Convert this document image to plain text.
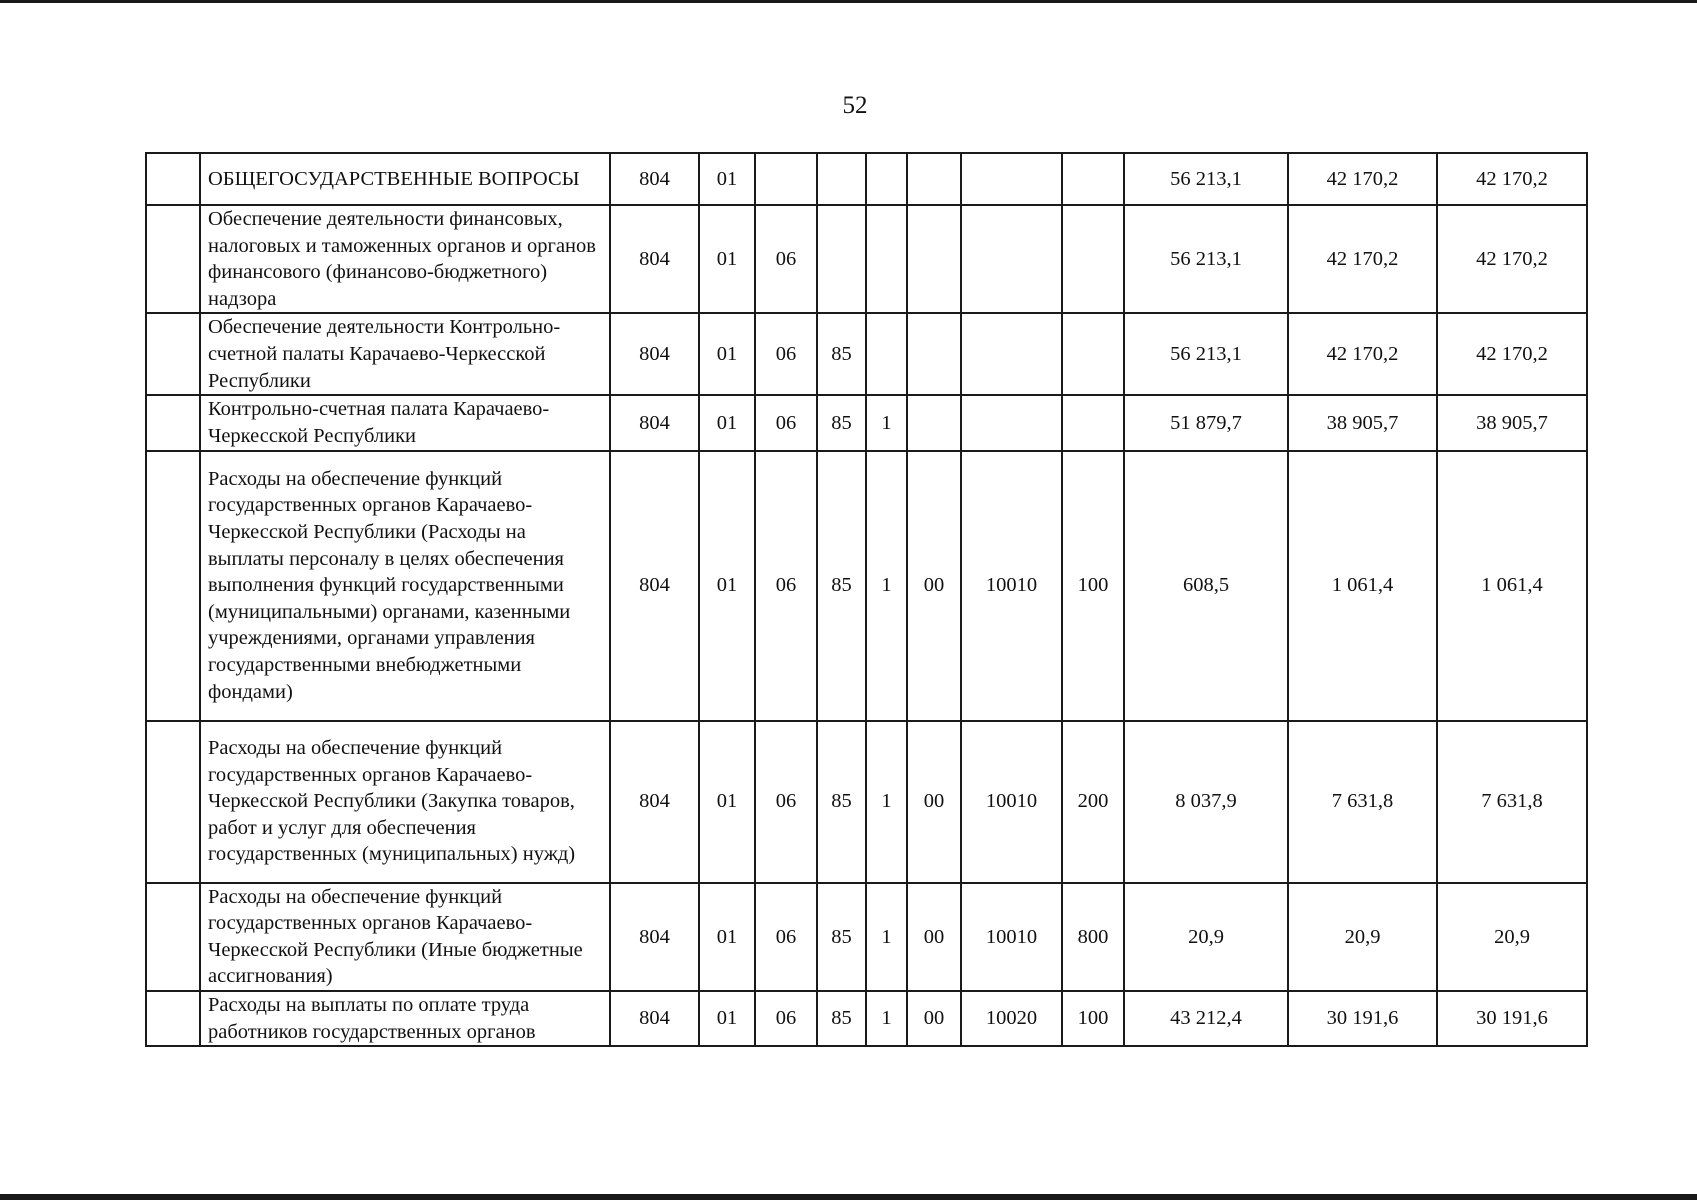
52
	ОБЩЕГОСУДАРСТВЕННЫЕ ВОПРОСЫ	804	01							56 213,1	42 170,2	42 170,2
	Обеспечение деятельности финансовых, налоговых и таможенных органов и органов финансового (финансово-бюджетного) надзора	804	01	06						56 213,1	42 170,2	42 170,2
	Обеспечение деятельности Контрольно-счетной палаты Карачаево-Черкесской Республики	804	01	06	85					56 213,1	42 170,2	42 170,2
	Контрольно-счетная палата Карачаево-Черкесской Республики	804	01	06	85	1				51 879,7	38 905,7	38 905,7
	Расходы на обеспечение функций государственных органов Карачаево-Черкесской Республики (Расходы на выплаты персоналу в целях обеспечения выполнения функций государственными (муниципальными) органами, казенными учреждениями, органами управления государственными внебюджетными фондами)	804	01	06	85	1	00	10010	100	608,5	1 061,4	1 061,4
	Расходы на обеспечение функций государственных органов Карачаево-Черкесской Республики (Закупка товаров, работ и услуг для обеспечения государственных (муниципальных) нужд)	804	01	06	85	1	00	10010	200	8 037,9	7 631,8	7 631,8
	Расходы на обеспечение функций государственных органов Карачаево-Черкесской Республики (Иные бюджетные ассигнования)	804	01	06	85	1	00	10010	800	20,9	20,9	20,9
	Расходы на выплаты по оплате труда работников государственных органов	804	01	06	85	1	00	10020	100	43 212,4	30 191,6	30 191,6
